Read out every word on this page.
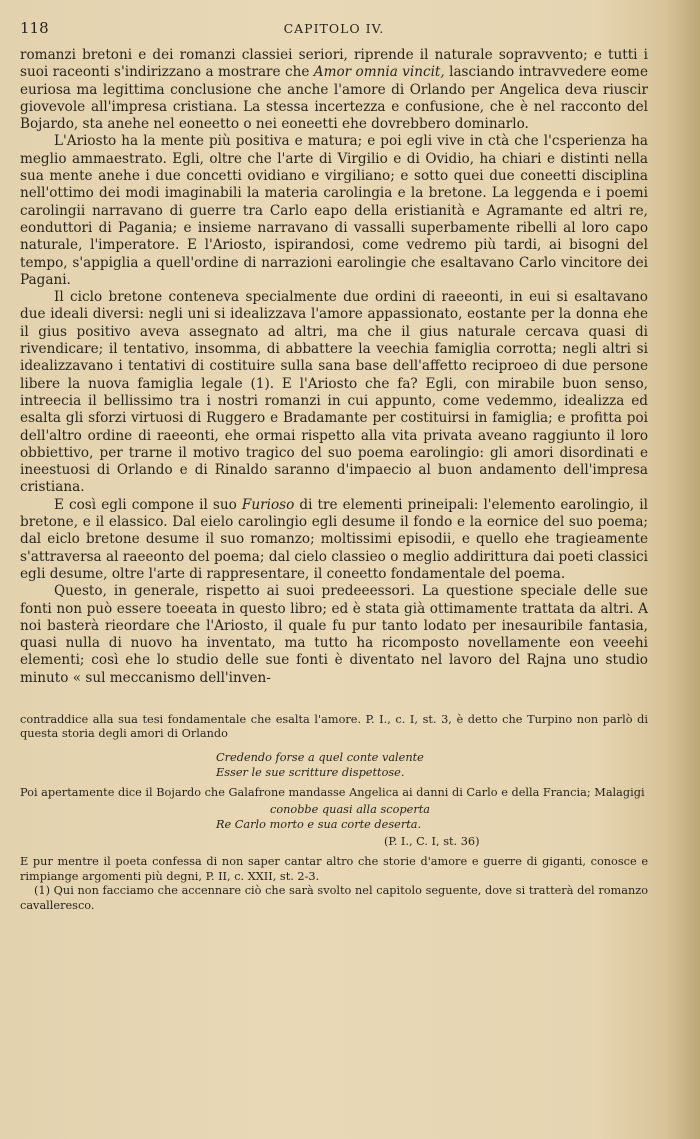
118	CAPITOLO IV.

romanzi bretoni e dei romanzi classiei seriori, riprende il naturale sopravvento; e tutti i suoi raceonti s'indirizzano a mostrare che Amor omnia vincit, lasciando intravvedere eome euriosa ma legittima conclusione che anche l'amore di Orlando per Angelica deva riuscir giovevole all'impresa cristiana. La stessa incertezza e confusione, che è nel racconto del Bojardo, sta anehe nel eoneetto o nei eoneetti ehe dovrebbero dominarlo.

L'Ariosto ha la mente più positiva e matura; e poi egli vive in ctà che l'csperienza ha meglio ammaestrato. Egli, oltre che l'arte di Virgilio e di Ovidio, ha chiari e distinti nella sua mente anehe i due concetti ovidiano e virgiliano; e sotto quei due coneetti disciplina nell'ottimo dei modi imaginabili la materia carolingia e la bretone. La leggenda e i poemi carolingii narravano di guerre tra Carlo eapo della eristianità e Agramante ed altri re, eonduttori di Pagania; e insieme narravano di vassalli superbamente ribelli al loro capo naturale, l'imperatore. E l'Ariosto, ispirandosi, come vedremo più tardi, ai bisogni del tempo, s'appiglia a quell'ordine di narrazioni earolingie che esaltavano Carlo vincitore dei Pagani.

Il ciclo bretone conteneva specialmente due ordini di raeeonti, in eui si esaltavano due ideali diversi: negli uni si idealizzava l'amore appassionato, eostante per la donna ehe il gius positivo aveva assegnato ad altri, ma che il gius naturale cercava quasi di rivendicare; il tentativo, insomma, di abbattere la veechia famiglia corrotta; negli altri si idealizzavano i tentativi di costituire sulla sana base dell'affetto reciproeo di due persone libere la nuova famiglia legale (1). E l'Ariosto che fa? Egli, con mirabile buon senso, intreecia il bellissimo tra i nostri romanzi in cui appunto, come vedemmo, idealizza ed esalta gli sforzi virtuosi di Ruggero e Bradamante per costituirsi in famiglia; e profitta poi dell'altro ordine di raeeonti, ehe ormai rispetto alla vita privata aveano raggiunto il loro obbiettivo, per trarne il motivo tragico del suo poema earolingio: gli amori disordinati e ineestuosi di Orlando e di Rinaldo saranno d'impaecio al buon andamento dell'impresa cristiana.

E così egli compone il suo Furioso di tre elementi prineipali: l'elemento earolingio, il bretone, e il elassico. Dal eielo carolingio egli desume il fondo e la eornice del suo poema; dal eiclo bretone desume il suo romanzo; moltissimi episodii, e quello ehe tragieamente s'attraversa al raeeonto del poema; dal cielo classieo o meglio addirittura dai poeti classici egli desume, oltre l'arte di rappresentare, il coneetto fondamentale del poema.

Questo, in generale, rispetto ai suoi predeeessori. La questione speciale delle sue fonti non può essere toeeata in questo libro; ed è stata già ottimamente trattata da altri. A noi basterà rieordare che l'Ariosto, il quale fu pur tanto lodato per inesauribile fantasia, quasi nulla di nuovo ha inventato, ma tutto ha ricomposto novellamente eon veeehi elementi; così ehe lo studio delle sue fonti è diventato nel lavoro del Rajna uno studio minuto « sul meccanismo dell'inven-

contraddice alla sua tesi fondamentale che esalta l'amore. P. I., c. I, st. 3, è detto che Turpino non parlò di questa storia degli amori di Orlando

Credendo forse a quel conte valente
Esser le sue scritture dispettose.

Poi apertamente dice il Bojardo che Galafrone mandasse Angelica ai danni di Carlo e della Francia; Malagigi

conobbe quasi alla scoperta
Re Carlo morto e sua corte deserta.
(P. I., C. I, st. 36)

E pur mentre il poeta confessa di non saper cantar altro che storie d'amore e guerre di giganti, conosce e rimpiange argomenti più degni, P. II, c. XXII, st. 2-3.

(1) Qui non facciamo che accennare ciò che sarà svolto nel capitolo seguente, dove si tratterà del romanzo cavalleresco.
